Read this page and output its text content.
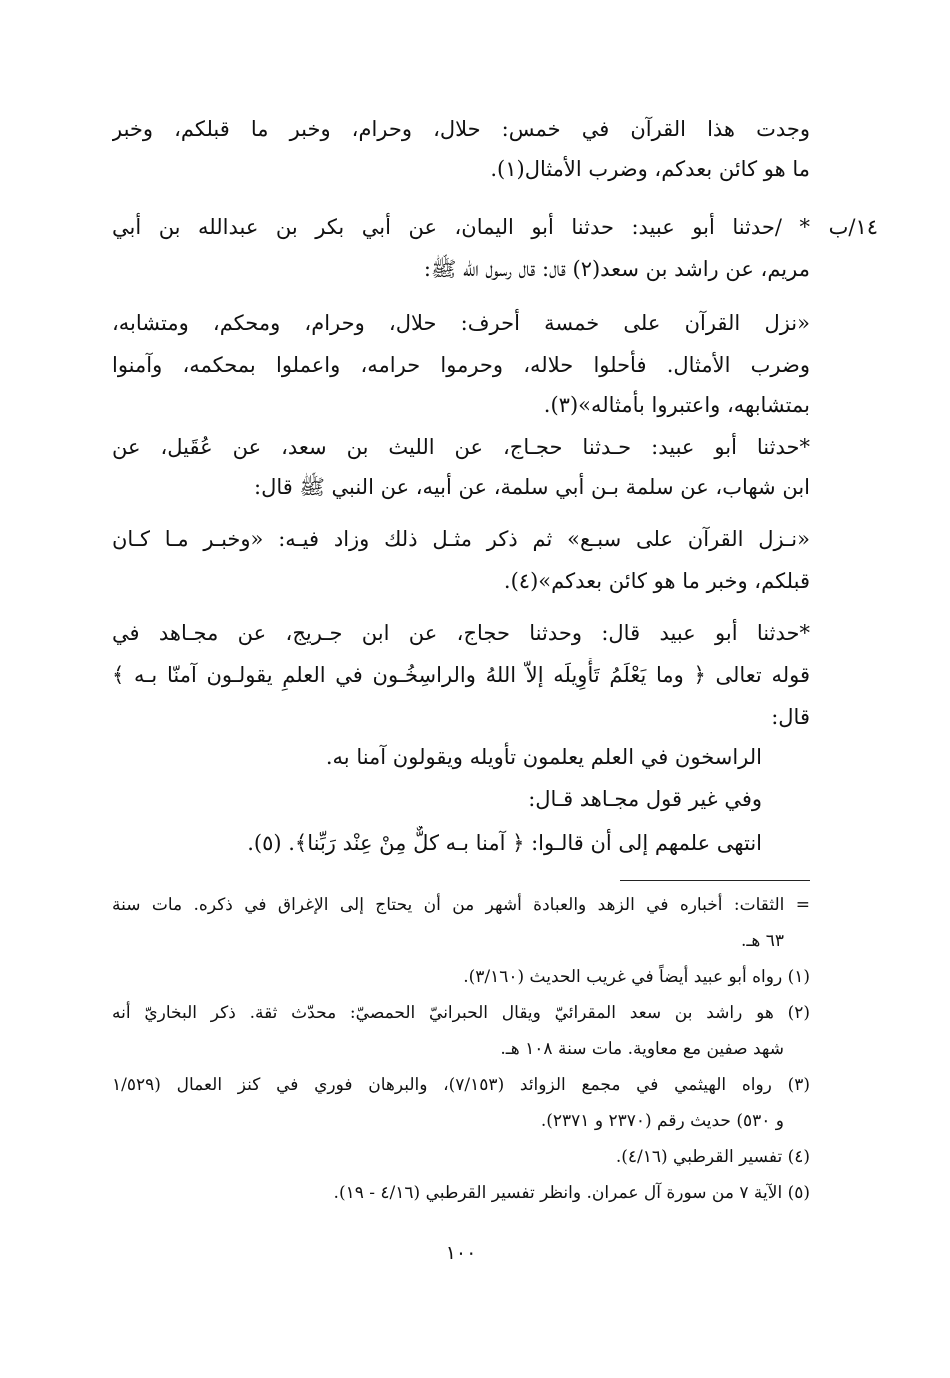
١٤/ب
وجدت هذا القرآن في خمس: حلال، وحرام، وخبر ما قبلكم، وخبر
ما هو كائن بعدكم، وضرب الأمثال(١).
* /حدثنا أبو عبيد: حدثنا أبو اليمان، عن أبي بكر بن عبدالله بن أبي
مريم، عن راشد بن سعد(٢) قال: قال رسول الله ﷺ:
«نزل القرآن على خمسة أحرف: حلال، وحرام، ومحكم، ومتشابه،
وضرب الأمثال. فأحلوا حلاله، وحرموا حرامه، واعملوا بمحكمه، وآمنوا
بمتشابهه، واعتبروا بأمثاله»(٣).
*حدثنا أبو عبيد: حـدثنا حجـاج، عن الليث بن سعد، عن عُقَيل، عن
ابن شهاب، عن سلمة بـن أبي سلمة، عن أبيه، عن النبي ﷺ قال:
«نـزل القرآن على سبـع» ثم ذكر مثـل ذلك وزاد فيـه: «وخبـر مـا كـان
قبلكم، وخبر ما هو كائن بعدكم»(٤).
*حدثنا أبو عبيد قال: وحدثنا حجاج، عن ابن جـريج، عن مجـاهد في
قوله تعالى ﴿ وما يَعْلَمُ تَأْوِيلَه إلاّ اللهُ والراسِخُـون في العلمِ يقولـون آمنّا بـه ﴾
قال:
الراسخون في العلم يعلمون تأويله ويقولون آمنا به.
وفي غير قول مجـاهد قـال:
انتهى علمهم إلى أن قالـوا: ﴿ آمنا بـه كلٌّ مِنْ عِنْد رَبِّنا﴾. (٥).
= الثقات: أخباره في الزهد والعبادة أشهر من أن يحتاج إلى الإغراق في ذكره. مات سنة
٦٣ هـ.
(١) رواه أبو عبيد أيضاً في غريب الحديث (٣/١٦٠).
(٢) هو راشد بن سعد المقرائيّ ويقال الحبرانيّ الحمصيّ: محدّث ثقة. ذكر البخاريّ أنه
شهد صفين مع معاوية. مات سنة ١٠٨ هـ.
(٣) رواه الهيثمي في مجمع الزوائد (٧/١٥٣)، والبرهان فوري في كنز العمال (١/٥٢٩
و ٥٣٠) حديث رقم (٢٣٧٠ و ٢٣٧١).
(٤) تفسير القرطبي (٤/١٦).
(٥) الآية ٧ من سورة آل عمران. وانظر تفسير القرطبي (٤/١٦ - ١٩).
١٠٠
